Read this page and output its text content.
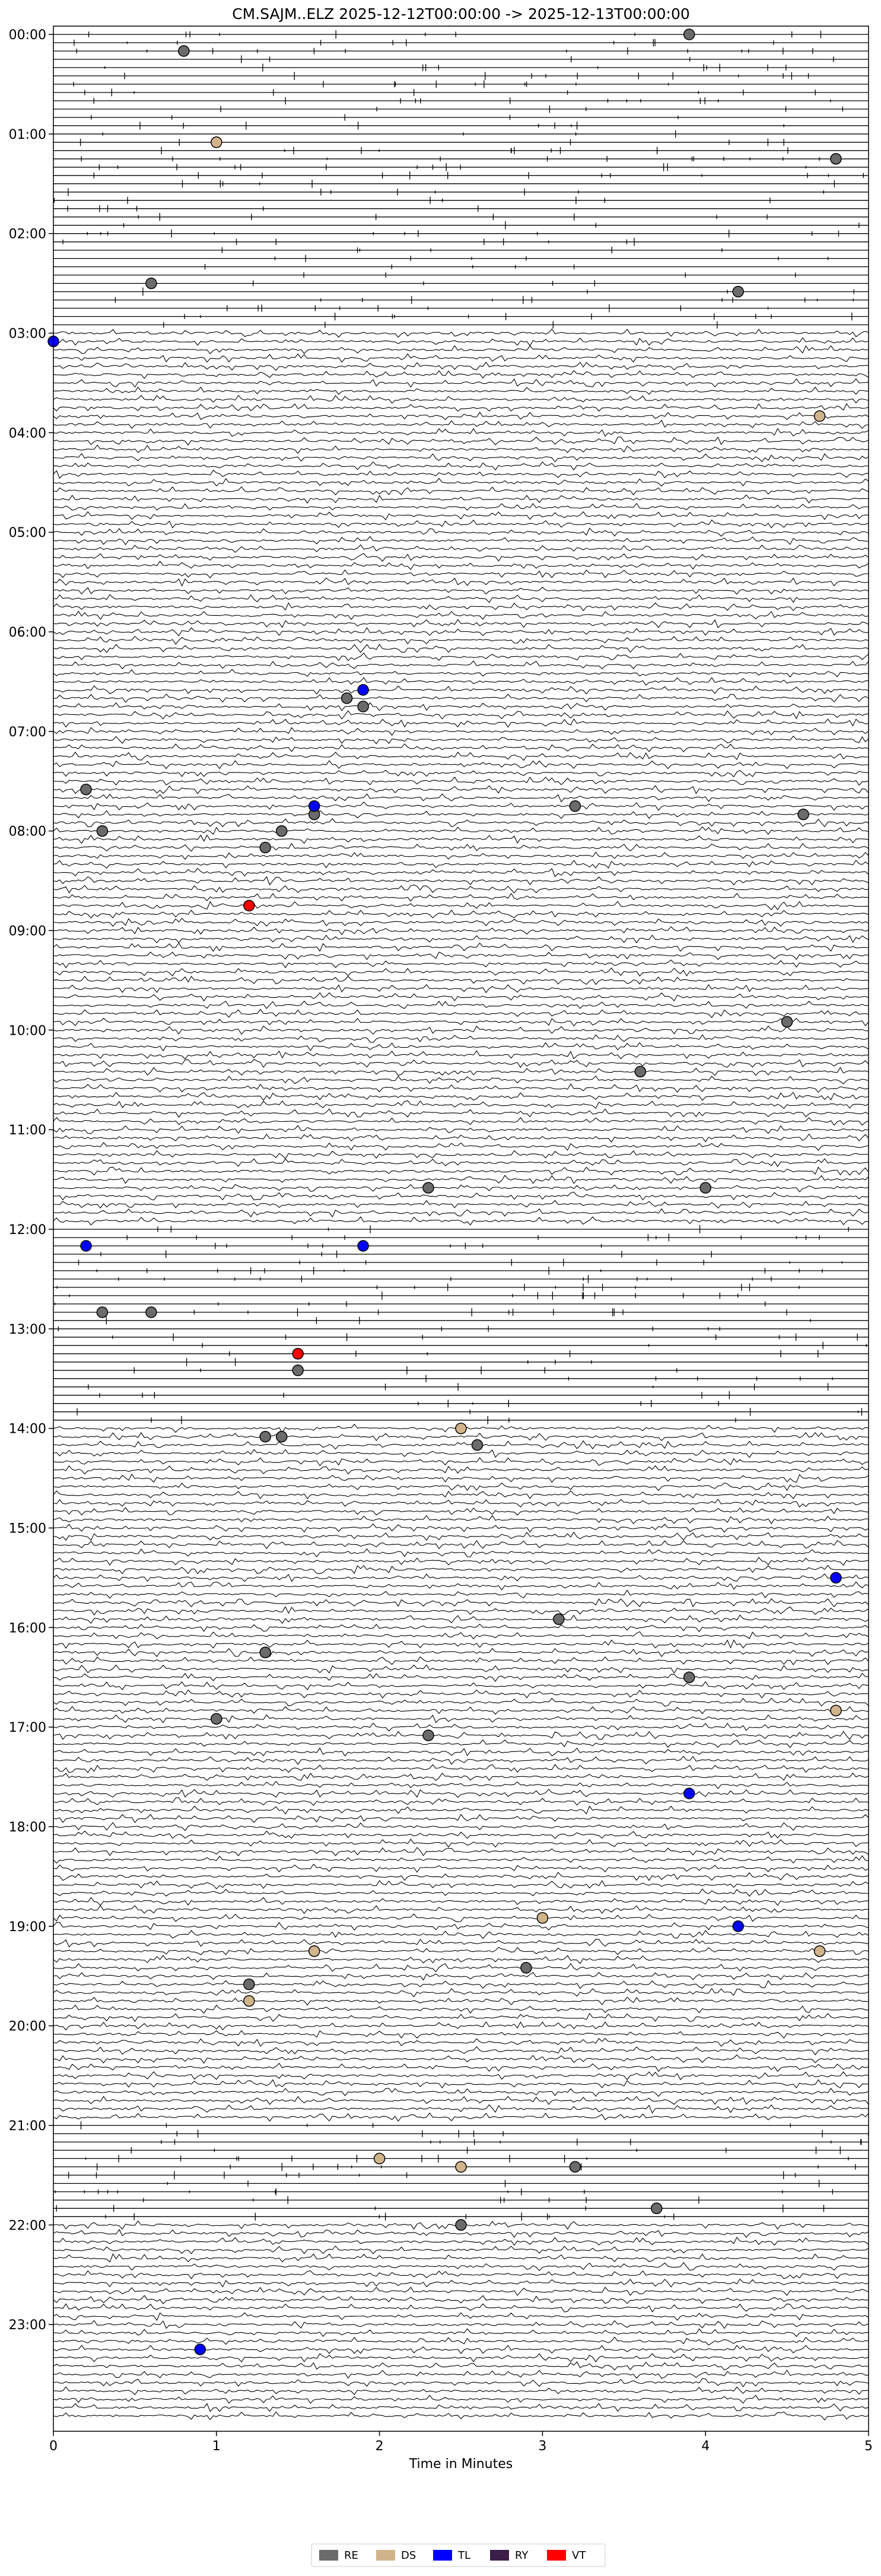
CM.SAJM..ELZ 2025-12-12T00:00:00 -> 2025-12-13T00:00:00
00:00
01:00
02:00
03:00
04:00
05:00
06:00
07:00
08:00
09:00
10:00
11:00
12:00
13:00
14:00
15:00
16:00
17:00
18:00
19:00
20:00
21:00
22:00
23:00
0	1	2	3	4	5
Time in Minutes
RE	DS	TL	RY	VT
